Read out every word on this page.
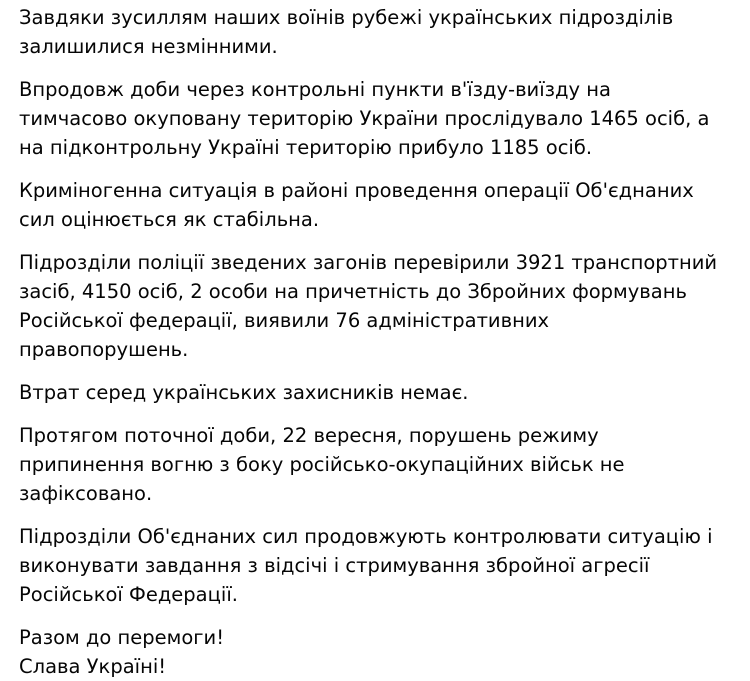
Завдяки зусиллям наших воїнів рубежі українських підрозділів
залишилися незмінними.

Впродовж доби через контрольні пункти в'їзду-виїзду на
тимчасово окуповану територію України прослідувало 1465 осіб, а
на підконтрольну Україні територію прибуло 1185 осіб.

Криміногенна ситуація в районі проведення операції Об'єднаних
сил оцінюється як стабільна.

Підрозділи поліції зведених загонів перевірили 3921 транспортний
засіб, 4150 осіб, 2 особи на причетність до Збройних формувань
Російської федерації, виявили 76 адміністративних
правопорушень.

Втрат серед українських захисників немає.

Протягом поточної доби, 22 вересня, порушень режиму
припинення вогню з боку російсько-окупаційних військ не
зафіксовано.

Підрозділи Об'єднаних сил продовжують контролювати ситуацію і
виконувати завдання з відсічі і стримування збройної агресії
Російської Федерації.

Разом до перемоги!
Слава Україні!
